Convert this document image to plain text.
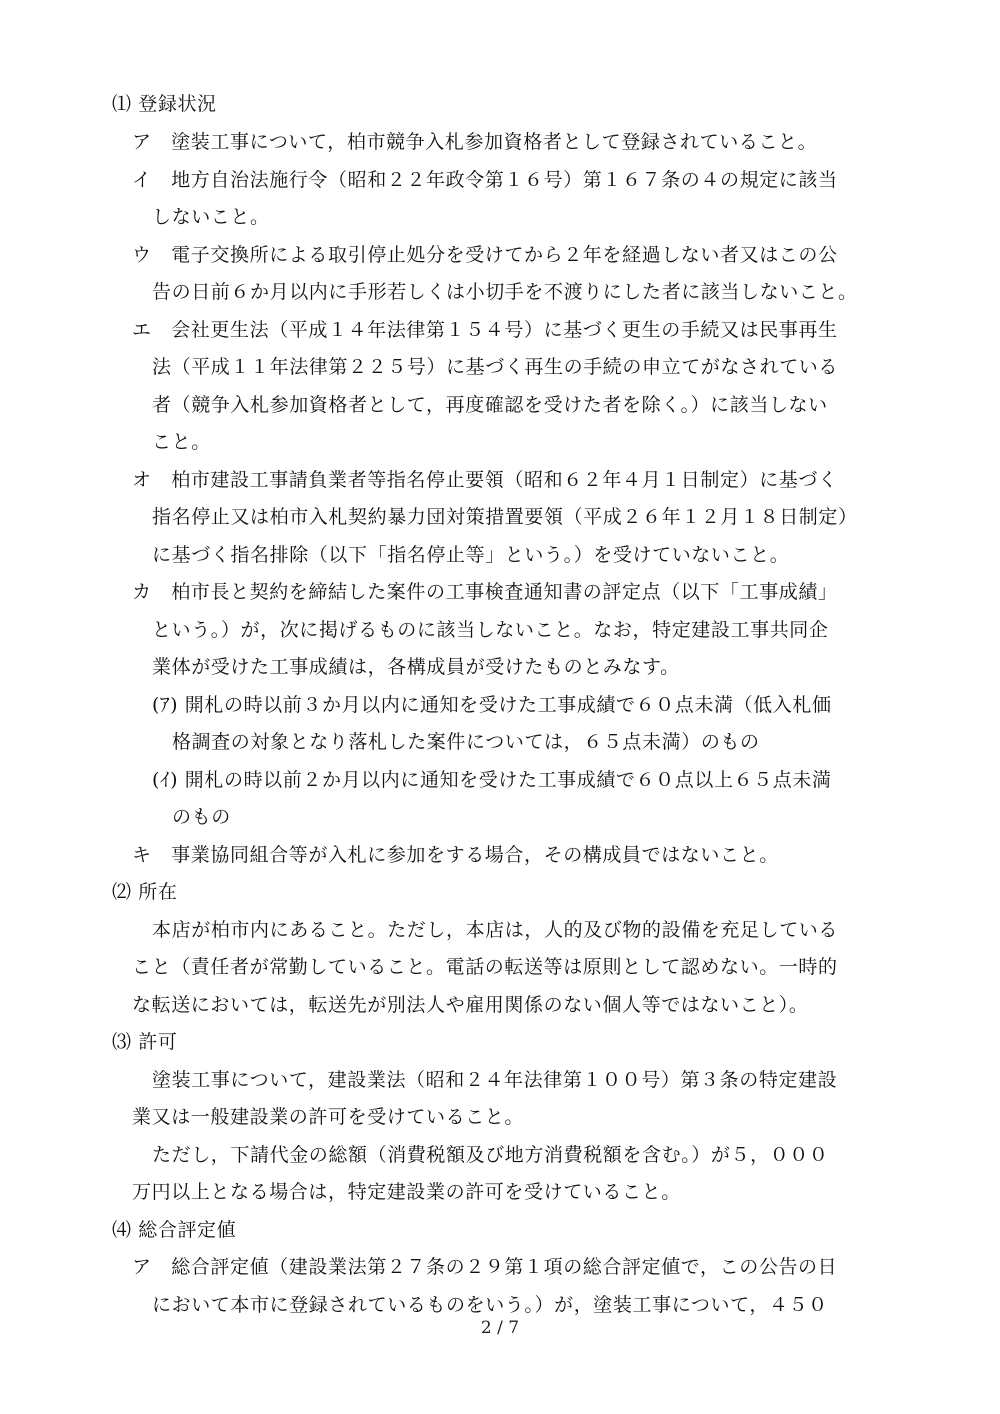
⑴ 登録状況
ア　塗装工事について，柏市競争入札参加資格者として登録されていること。
イ　地方自治法施行令（昭和２２年政令第１６号）第１６７条の４の規定に該当
しないこと。
ウ　電子交換所による取引停止処分を受けてから２年を経過しない者又はこの公
告の日前６か月以内に手形若しくは小切手を不渡りにした者に該当しないこと。
エ　会社更生法（平成１４年法律第１５４号）に基づく更生の手続又は民事再生
法（平成１１年法律第２２５号）に基づく再生の手続の申立てがなされている
者（競争入札参加資格者として，再度確認を受けた者を除く。）に該当しない
こと。
オ　柏市建設工事請負業者等指名停止要領（昭和６２年４月１日制定）に基づく
指名停止又は柏市入札契約暴力団対策措置要領（平成２６年１２月１８日制定）
に基づく指名排除（以下「指名停止等」という。）を受けていないこと。
カ　柏市長と契約を締結した案件の工事検査通知書の評定点（以下「工事成績」
という。）が，次に掲げるものに該当しないこと。なお，特定建設工事共同企
業体が受けた工事成績は，各構成員が受けたものとみなす。
(ｱ) 開札の時以前３か月以内に通知を受けた工事成績で６０点未満（低入札価
格調査の対象となり落札した案件については，６５点未満）のもの
(ｲ) 開札の時以前２か月以内に通知を受けた工事成績で６０点以上６５点未満
のもの
キ　事業協同組合等が入札に参加をする場合，その構成員ではないこと。
⑵ 所在
本店が柏市内にあること。ただし，本店は，人的及び物的設備を充足している
こと（責任者が常勤していること。電話の転送等は原則として認めない。一時的
な転送においては，転送先が別法人や雇用関係のない個人等ではないこと）。
⑶ 許可
塗装工事について，建設業法（昭和２４年法律第１００号）第３条の特定建設
業又は一般建設業の許可を受けていること。
ただし，下請代金の総額（消費税額及び地方消費税額を含む。）が５，０００
万円以上となる場合は，特定建設業の許可を受けていること。
⑷ 総合評定値
ア　総合評定値（建設業法第２７条の２９第１項の総合評定値で，この公告の日
において本市に登録されているものをいう。）が，塗装工事について，４５０
2 / 7
